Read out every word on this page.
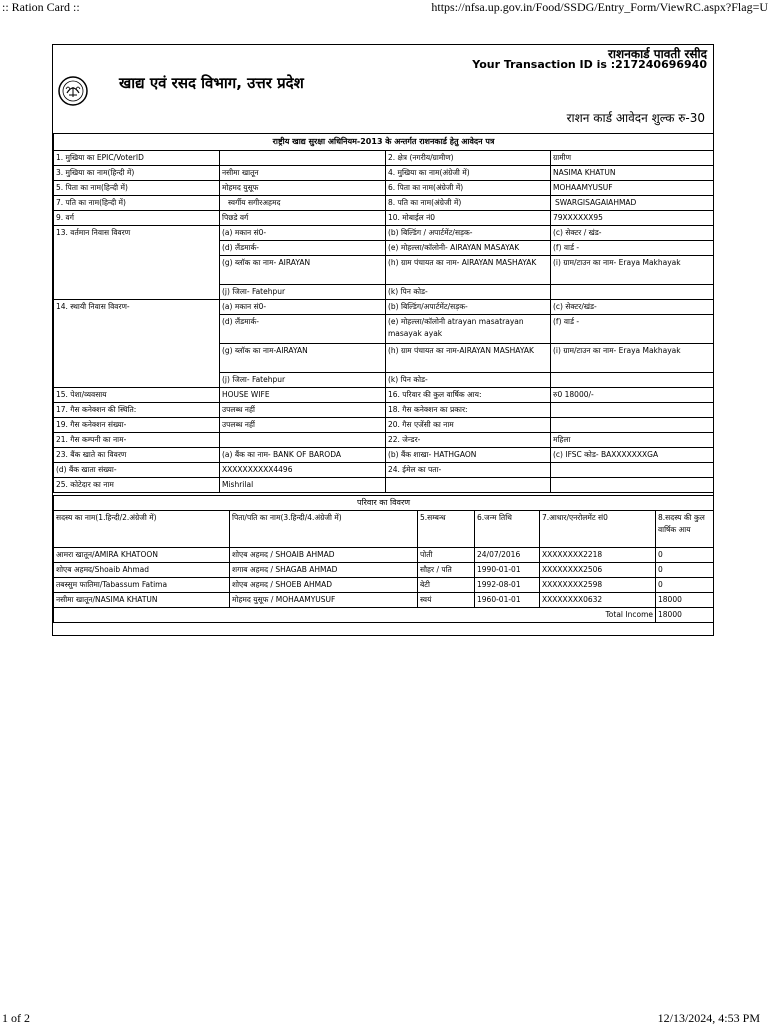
:: Ration Card ::	https://nfsa.up.gov.in/Food/SSDG/Entry_Form/ViewRC.aspx?Flag=U
खाद्य एवं रसद विभाग, उत्तर प्रदेश
राशनकार्ड पावती रसीद
Your Transaction ID is :217240696940
राशन कार्ड आवेदन शुल्क रु-30
राष्ट्रीय खाद्य सुरक्षा अधिनियम-2013 के अन्तर्गत राशनकार्ड हेतु आवेदन पत्र			
1. मुखिया का EPIC/VoterID		2. क्षेत्र (नगरीय/ग्रामीण)	ग्रामीण
3. मुखिया का नाम(हिन्दी में)	नसीमा खातून	4. मुखिया का नाम(अंग्रेजी में)	NASIMA KHATUN
5. पिता का नाम(हिन्दी में)	मोहमद युसूफ	6. पिता का नाम(अंग्रेजी में)	MOHAAMYUSUF
7. पति का नाम(हिन्दी में)	स्वर्गीय सगीरअहमद	8. पति का नाम(अंग्रेजी में)	SWARGISAGAIAHMAD
9. वर्ग	पिछडे वर्ग	10. मोबाईल नं0	79XXXXXX95
13. वर्तमान निवास विवरण	(a) मकान सं0-	(b) बिल्डिंग / अपार्टमेंट/सड़क-	(c) सेक्टर / खंड-
	(d) लैंडमार्क-	(e) मोहल्ला/कॉलोनी- AIRAYAN MASAYAK	(f) वार्ड -
	(g) ब्लॉक का नाम- AIRAYAN	(h) ग्राम पंचायत का नाम- AIRAYAN MASHAYAK	(i) ग्राम/टाउन का नाम- Eraya Makhayak
	(j) जिला- Fatehpur	(k) पिन कोड-	
14. स्थायी निवास विवरण-	(a) मकान सं0-	(b) बिल्डिंग/अपार्टमेंट/सड़क-	(c) सेक्टर/खंड-
	(d) लैंडमार्क-	(e) मोहल्ला/कॉलोनी atrayan masatrayan masayak ayak	(f) वार्ड -
	(g) ब्लॉक का नाम-AIRAYAN	(h) ग्राम पंचायत का नाम-AIRAYAN MASHAYAK	(i) ग्राम/टाउन का नाम- Eraya Makhayak
	(j) जिला- Fatehpur	(k) पिन कोड-	
15. पेशा/व्यवसाय	HOUSE WIFE	16. परिवार की कुल वार्षिक आय:	रु0 18000/-
17. गैस कनेक्शन की स्थिति:	उपलब्ध नहीं	18. गैस कनेक्शन का प्रकार:	
19. गैस कनेक्शन संख्या-	उपलब्ध नहीं	20. गैस एजेंसी का नाम	
21. गैस कम्पनी का नाम-		22. जेन्डर-	महिला
23. बैंक खाते का विवरण	(a) बैंक का नाम- BANK OF BARODA	(b) बैंक शाखा- HATHGAON	(c) IFSC कोड- BAXXXXXXXGA
(d) बैंक खाता संख्या-	XXXXXXXXXX4496	24. ईमेल का पता-	
25. कोटेदार का नाम	Mishrilal		
परिवार का विवरण					
सदस्य का नाम(1.हिन्दी/2.अंग्रेजी में)	पिता/पति का नाम(3.हिन्दी/4.अंग्रेजी में)	5.सम्बन्ध	6.जन्म तिथि	7.आधार/एनरोलमेंट सं0	8.सदस्य की कुल वार्षिक आय
आमरा खातून/AMIRA KHATOON	शोएब अहमद / SHOAIB AHMAD	पोती	24/07/2016	XXXXXXXX2218	0
शोएब अहमद/Shoaib Ahmad	शगाब अहमद / SHAGAB AHMAD	सौहर / पति	1990-01-01	XXXXXXXX2506	0
तबस्सुम फातिमा/Tabassum Fatima	शोएब अहमद / SHOEB AHMAD	बेटी	1992-08-01	XXXXXXXX2598	0
नसीमा खातून/NASIMA KHATUN	मोहमद युसूफ / MOHAAMYUSUF	स्वयं	1960-01-01	XXXXXXXX0632	18000
Total Income					18000
1 of 2	12/13/2024, 4:53 PM
